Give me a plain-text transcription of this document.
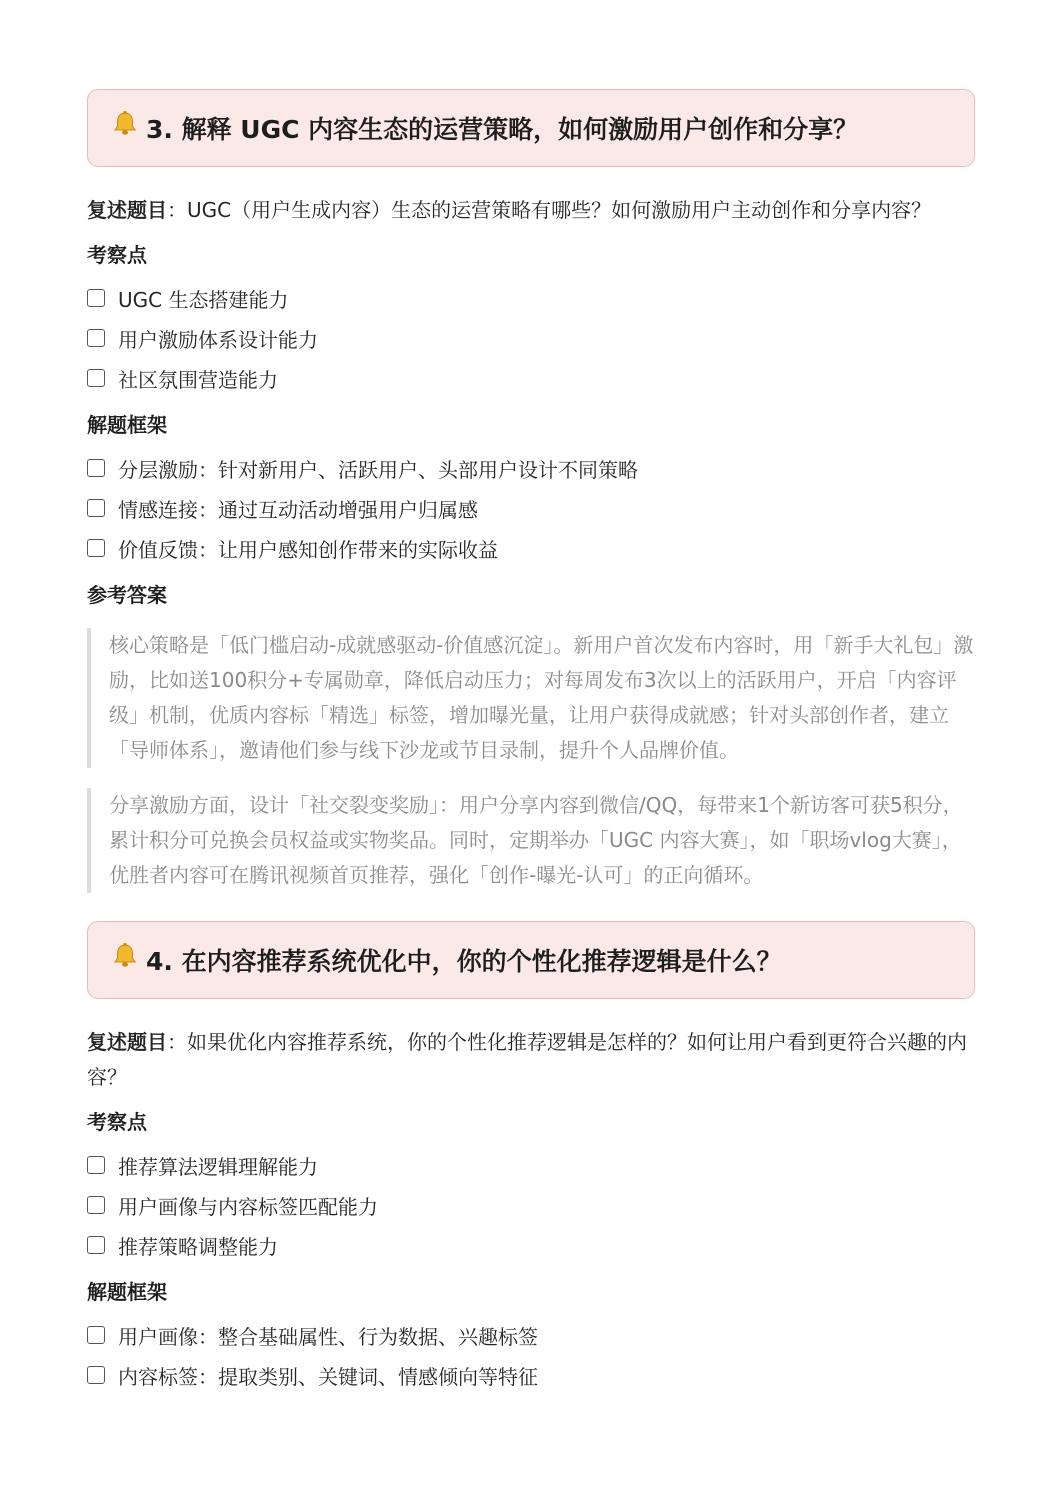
3. 解释 UGC 内容生态的运营策略，如何激励用户创作和分享？

复述题目：UGC（用户生成内容）生态的运营策略有哪些？如何激励用户主动创作和分享内容？

考察点
UGC 生态搭建能力
用户激励体系设计能力
社区氛围营造能力
解题框架
分层激励：针对新用户、活跃用户、头部用户设计不同策略
情感连接：通过互动活动增强用户归属感
价值反馈：让用户感知创作带来的实际收益
参考答案

核心策略是「低门槛启动-成就感驱动-价值感沉淀」。新用户首次发布内容时，用「新手大礼包」激励，比如送100积分+专属勋章，降低启动压力；对每周发布3次以上的活跃用户，开启「内容评级」机制，优质内容标「精选」标签，增加曝光量，让用户获得成就感；针对头部创作者，建立「导师体系」，邀请他们参与线下沙龙或节目录制，提升个人品牌价值。

分享激励方面，设计「社交裂变奖励」：用户分享内容到微信/QQ，每带来1个新访客可获5积分，累计积分可兑换会员权益或实物奖品。同时，定期举办「UGC 内容大赛」，如「职场vlog大赛」，优胜者内容可在腾讯视频首页推荐，强化「创作-曝光-认可」的正向循环。

4. 在内容推荐系统优化中，你的个性化推荐逻辑是什么？

复述题目：如果优化内容推荐系统，你的个性化推荐逻辑是怎样的？如何让用户看到更符合兴趣的内容？

考察点
推荐算法逻辑理解能力
用户画像与内容标签匹配能力
推荐策略调整能力
解题框架
用户画像：整合基础属性、行为数据、兴趣标签
内容标签：提取类别、关键词、情感倾向等特征
